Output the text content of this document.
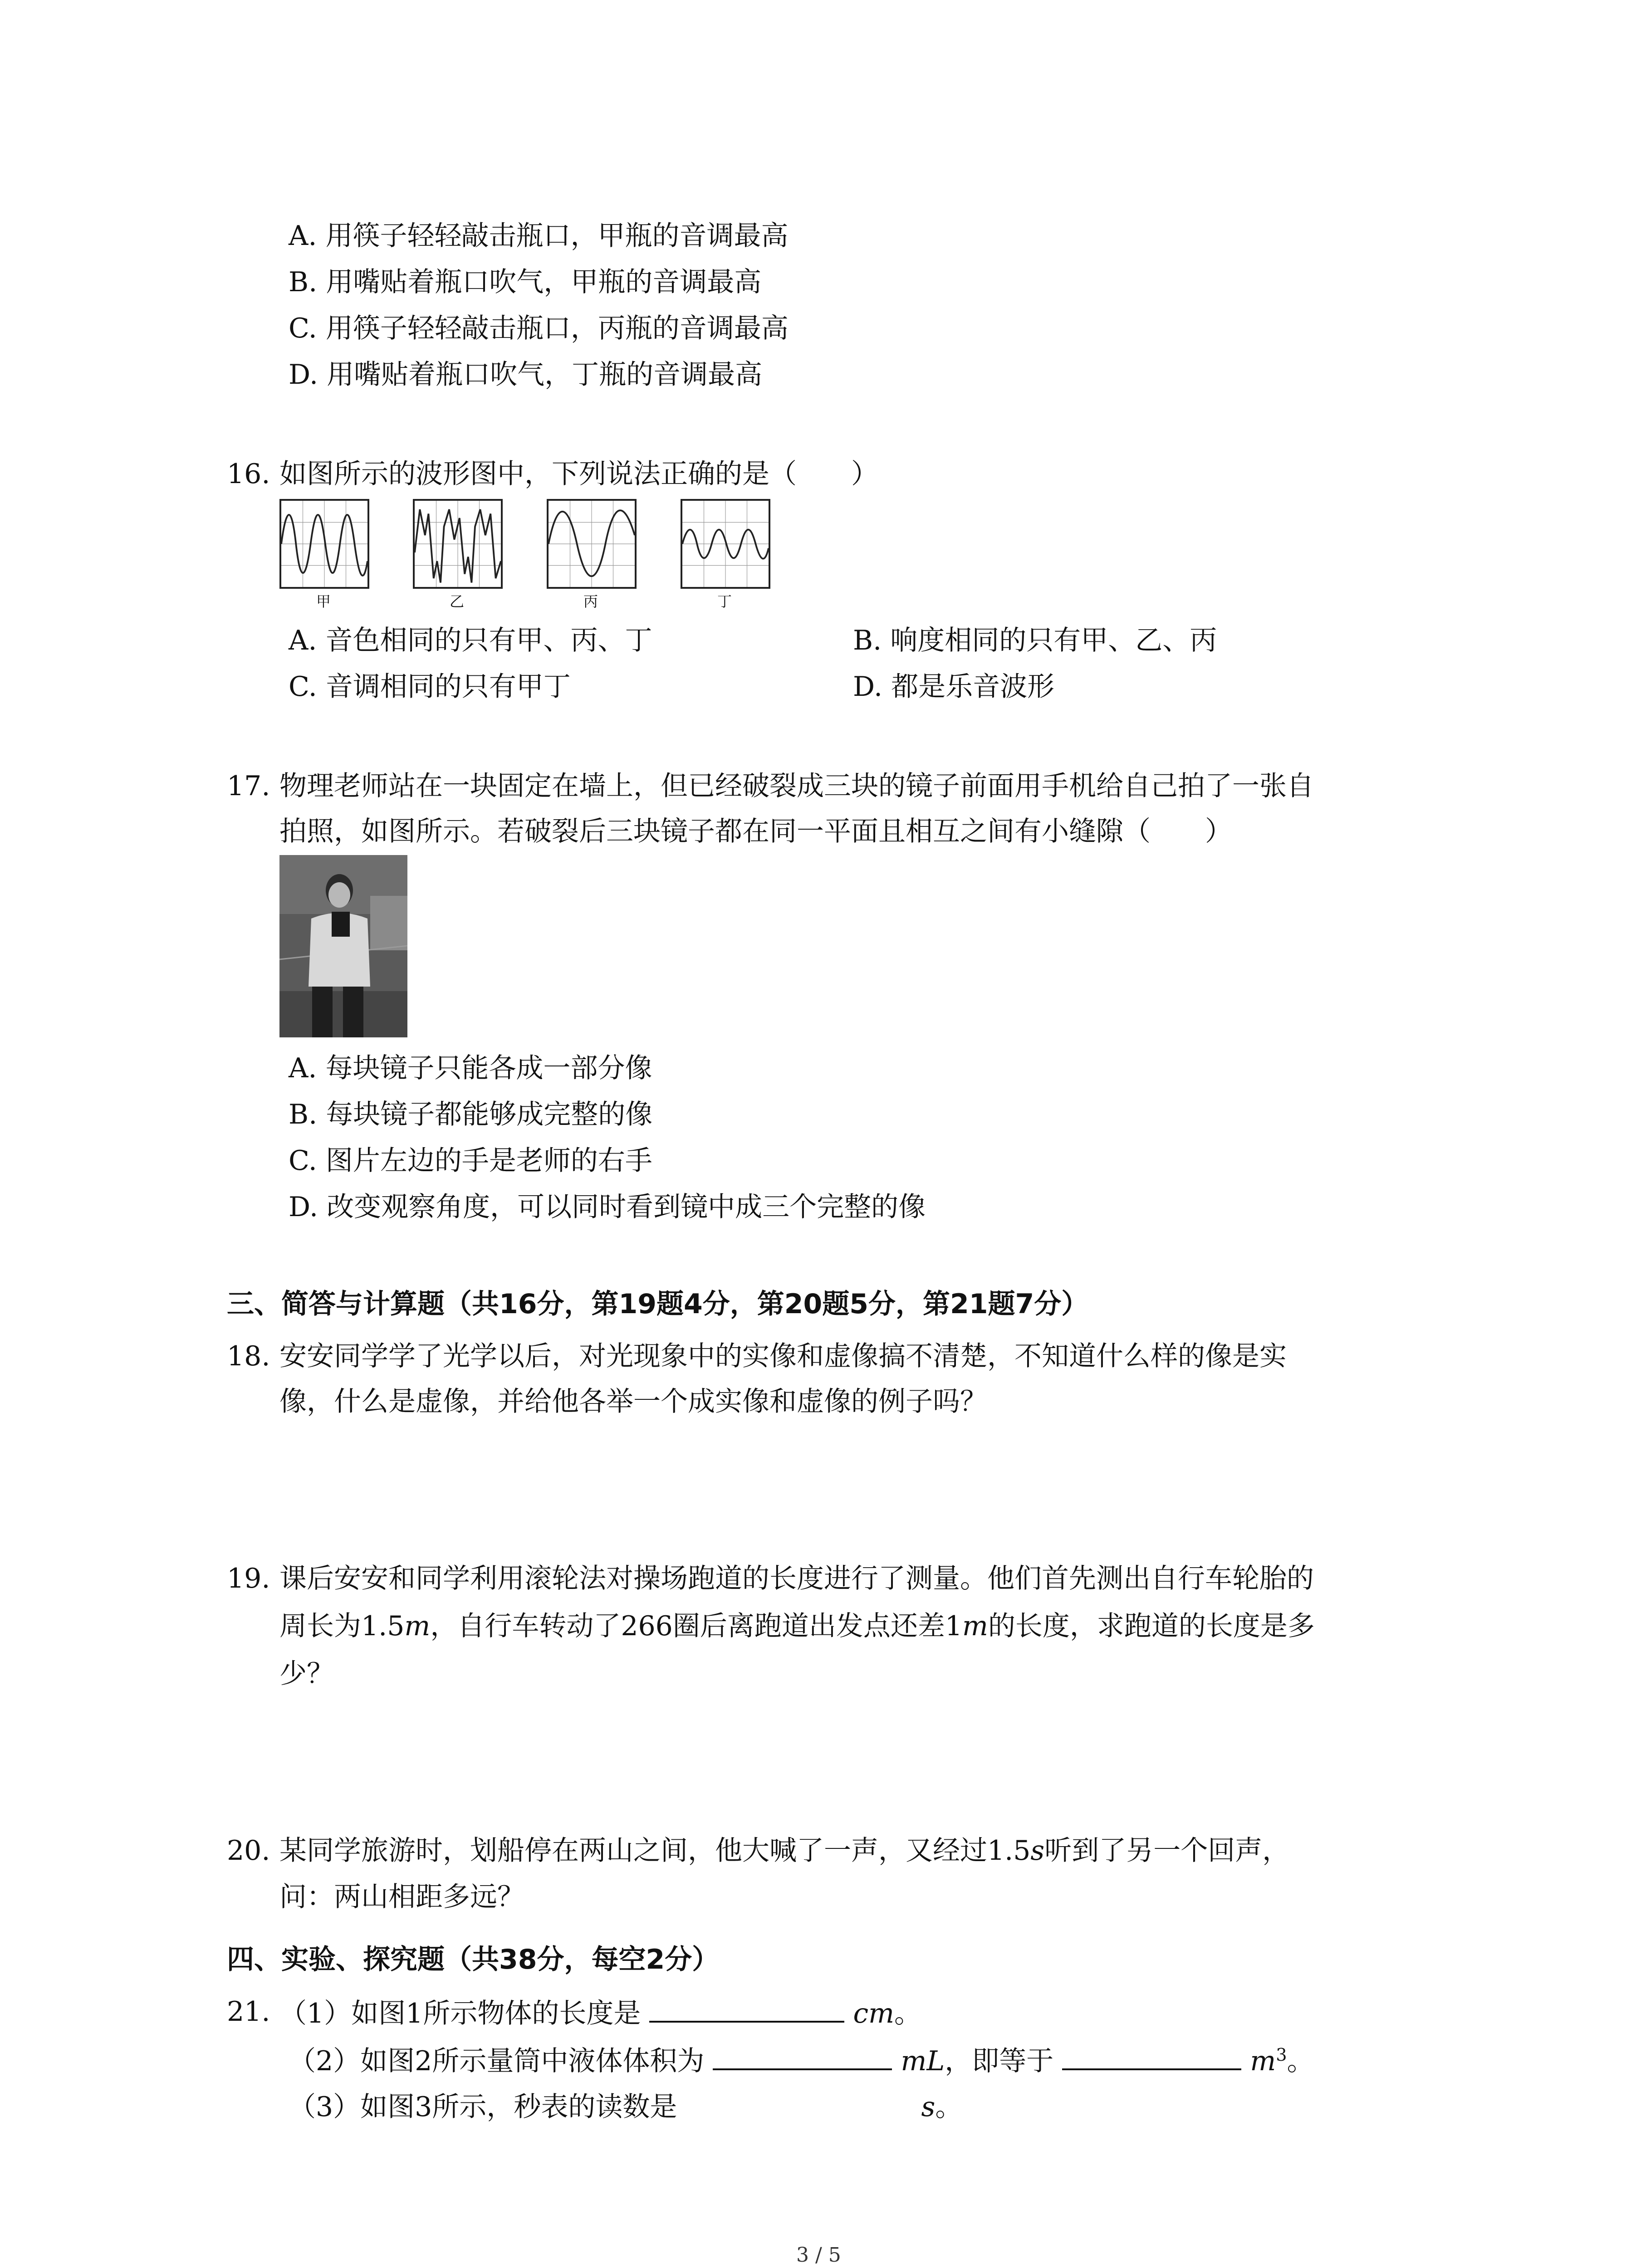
A. 用筷子轻轻敲击瓶口，甲瓶的音调最高
B. 用嘴贴着瓶口吹气，甲瓶的音调最高
C. 用筷子轻轻敲击瓶口，丙瓶的音调最高
D. 用嘴贴着瓶口吹气，丁瓶的音调最高
16. 如图所示的波形图中，下列说法正确的是（　　）
甲	乙	丙	丁
A. 音色相同的只有甲、丙、丁	B. 响度相同的只有甲、乙、丙
C. 音调相同的只有甲丁	D. 都是乐音波形
17. 物理老师站在一块固定在墙上，但已经破裂成三块的镜子前面用手机给自己拍了一张自
拍照，如图所示。若破裂后三块镜子都在同一平面且相互之间有小缝隙（　　）
A. 每块镜子只能各成一部分像
B. 每块镜子都能够成完整的像
C. 图片左边的手是老师的右手
D. 改变观察角度，可以同时看到镜中成三个完整的像
三、简答与计算题（共16分，第19题4分，第20题5分，第21题7分）
18. 安安同学学了光学以后，对光现象中的实像和虚像搞不清楚，不知道什么样的像是实
像，什么是虚像，并给他各举一个成实像和虚像的例子吗？
19. 课后安安和同学利用滚轮法对操场跑道的长度进行了测量。他们首先测出自行车轮胎的
周长为1.5m，自行车转动了266圈后离跑道出发点还差1m的长度，求跑道的长度是多
少？
20. 某同学旅游时，划船停在两山之间，他大喊了一声，又经过1.5s听到了另一个回声，
问：两山相距多远？
四、实验、探究题（共38分，每空2分）
21. （1）如图1所示物体的长度是	cm。
（2）如图2所示量筒中液体体积为	mL，即等于	$m^3$。
（3）如图3所示，秒表的读数是	s。
3 / 5
